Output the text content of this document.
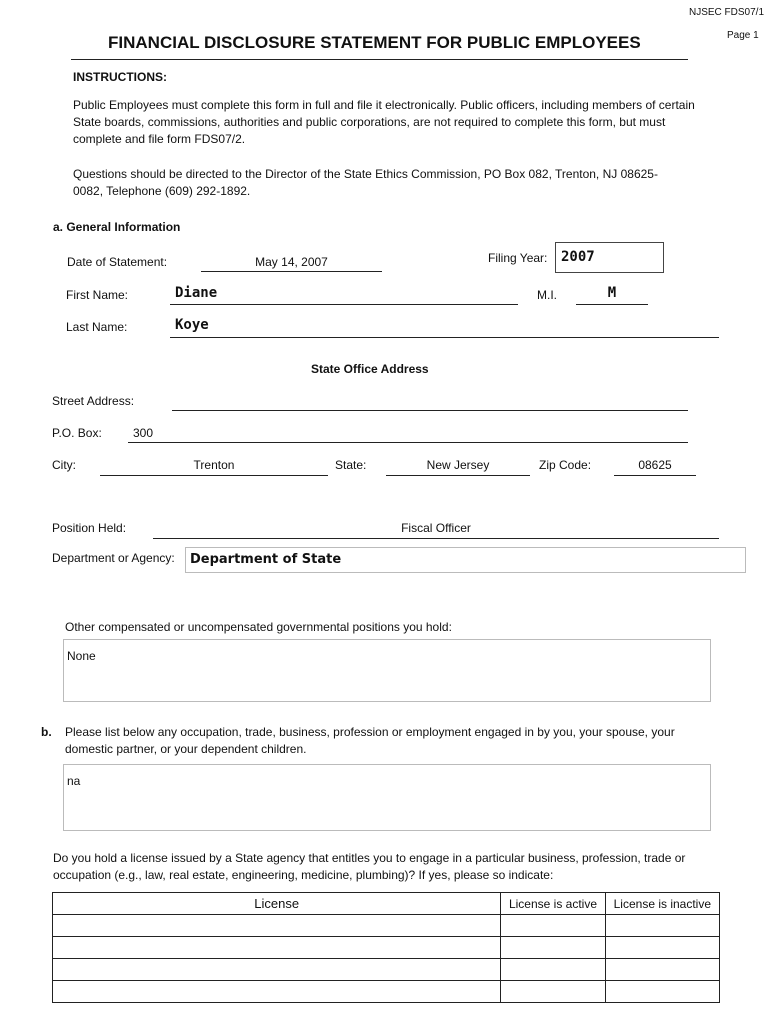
NJSEC FDS07/1
Page 1
FINANCIAL DISCLOSURE STATEMENT FOR PUBLIC EMPLOYEES
INSTRUCTIONS:
Public Employees must complete this form in full and file it electronically. Public officers, including members of certain State boards, commissions, authorities and public corporations, are not required to complete this form, but must complete and file form FDS07/2.
Questions should be directed to the Director of the State Ethics Commission, PO Box 082, Trenton, NJ 08625-0082, Telephone (609) 292-1892.
a. General Information
Date of Statement:	May 14, 2007	Filing Year: 2007
First Name:	Diane	M.I.	M
Last Name:	Koye
State Office Address
Street Address:
P.O. Box:	300
City:	Trenton	State:	New Jersey	Zip Code:	08625
Position Held:	Fiscal Officer
Department or Agency: Department of State
Other compensated or uncompensated governmental positions you hold:
None
b. Please list below any occupation, trade, business, profession or employment engaged in by you, your spouse, your domestic partner, or your dependent children.
na
Do you hold a license issued by a State agency that entitles you to engage in a particular business, profession, trade or occupation (e.g., law, real estate, engineering, medicine, plumbing)? If yes, please so indicate:
License	License is active	License is inactive
